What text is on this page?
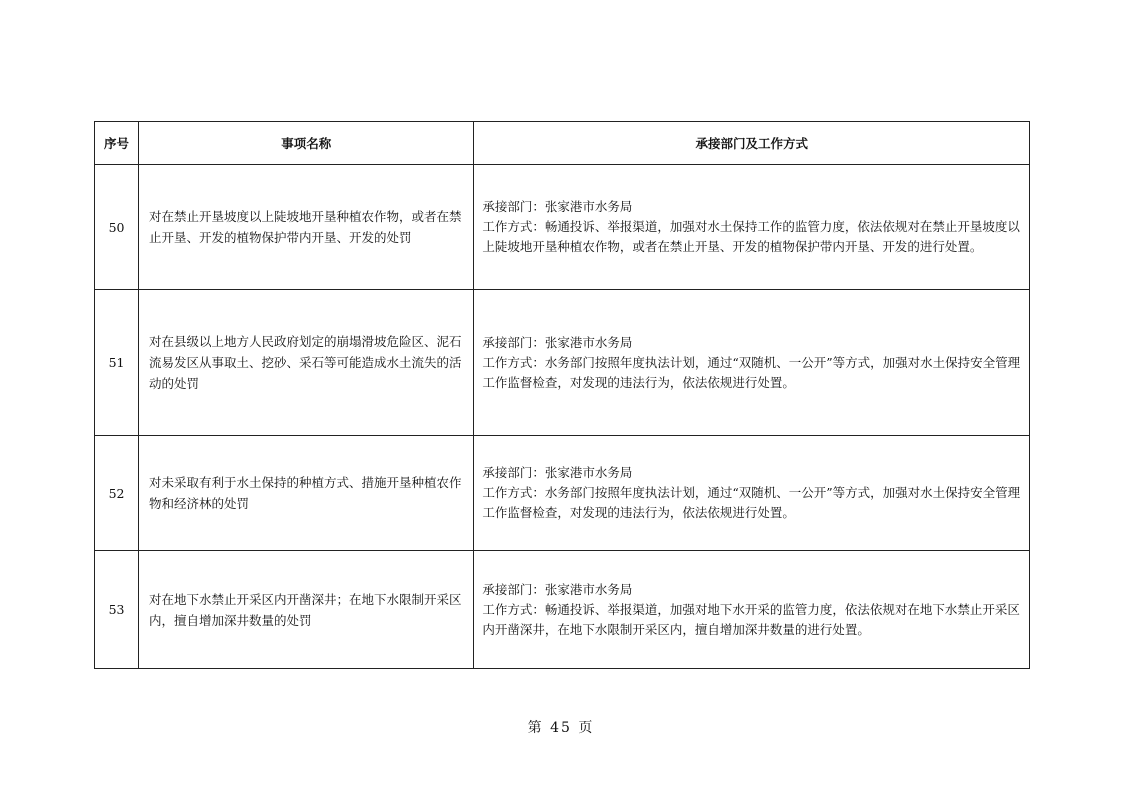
序号	事项名称	承接部门及工作方式
50	对在禁止开垦坡度以上陡坡地开垦种植农作物，或者在禁止开垦、开发的植物保护带内开垦、开发的处罚	承接部门：张家港市水务局
工作方式：畅通投诉、举报渠道，加强对水土保持工作的监管力度，依法依规对在禁止开垦坡度以上陡坡地开垦种植农作物，或者在禁止开垦、开发的植物保护带内开垦、开发的进行处置。

51	对在县级以上地方人民政府划定的崩塌滑坡危险区、泥石流易发区从事取土、挖砂、采石等可能造成水土流失的活动的处罚	承接部门：张家港市水务局
工作方式：水务部门按照年度执法计划，通过“双随机、一公开”等方式，加强对水土保持安全管理工作监督检查，对发现的违法行为，依法依规进行处置。

52	对未采取有利于水土保持的种植方式、措施开垦种植农作物和经济林的处罚	承接部门：张家港市水务局
工作方式：水务部门按照年度执法计划，通过“双随机、一公开”等方式，加强对水土保持安全管理工作监督检查，对发现的违法行为，依法依规进行处置。

53	对在地下水禁止开采区内开凿深井；在地下水限制开采区内，擅自增加深井数量的处罚	承接部门：张家港市水务局
工作方式：畅通投诉、举报渠道，加强对地下水开采的监管力度，依法依规对在地下水禁止开采区内开凿深井，在地下水限制开采区内，擅自增加深井数量的进行处置。
第 45 页
